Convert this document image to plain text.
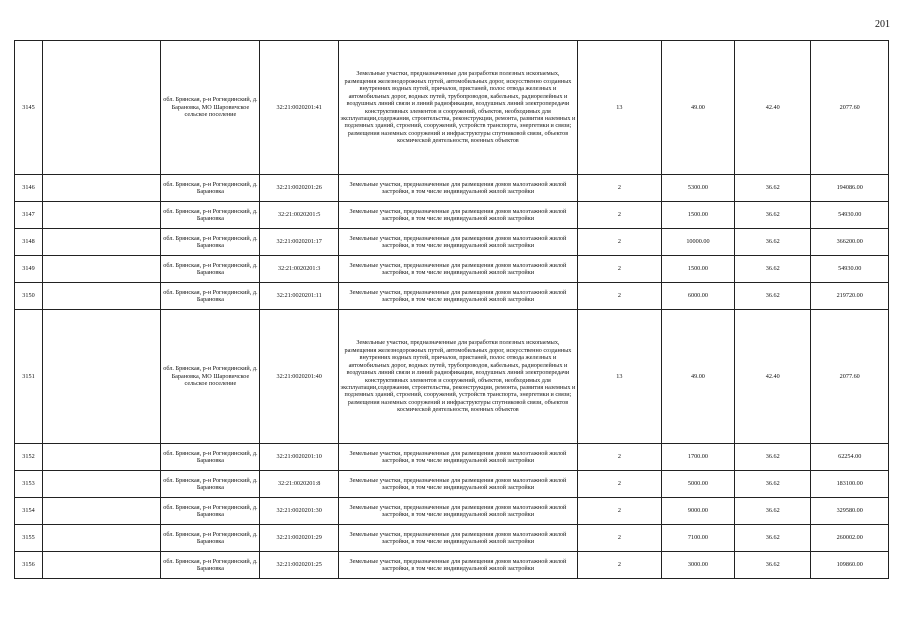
201
3145		обл. Брянская, р-н Рогнединский, д. Барановка, МО Шаровичское сельское поселение	32:21:0020201:41	Земельные участки, предназначенные для разработки полезных ископаемых, размещения железнодорожных путей, автомобильных дорог, искусственно созданных внутренних водных путей, причалов, пристаней, полос отвода железных и автомобильных дорог, водных путей, трубопроводов, кабельных, радиорелейных и воздушных линий связи и линий радиофикации, воздушных линий электропередачи конструктивных элементов и сооружений, объектов, необходимых для эксплуатации,содержания, строительства, реконструкции, ремонта, развития наземных и подземных зданий, строений, сооружений, устройств транспорта, энергетики и связи; размещения наземных сооружений и инфраструктуры спутниковой связи, объектов космической деятельности, военных объектов	13	49.00	42.40	2077.60
3146		обл. Брянская, р-н Рогнединский, д. Барановка	32:21:0020201:26	Земельные участки, предназначенные для размещения домов малоэтажной жилой застройки, в том числе индивидуальной жилой застройки	2	5300.00	36.62	194086.00
3147		обл. Брянская, р-н Рогнединский, д. Барановка	32:21:0020201:5	Земельные участки, предназначенные для размещения домов малоэтажной жилой застройки, в том числе индивидуальной жилой застройки	2	1500.00	36.62	54930.00
3148		обл. Брянская, р-н Рогнединский, д. Барановка	32:21:0020201:17	Земельные участки, предназначенные для размещения домов малоэтажной жилой застройки, в том числе индивидуальной жилой застройки	2	10000.00	36.62	366200.00
3149		обл. Брянская, р-н Рогнединский, д. Барановка	32:21:0020201:3	Земельные участки, предназначенные для размещения домов малоэтажной жилой застройки, в том числе индивидуальной жилой застройки	2	1500.00	36.62	54930.00
3150		обл. Брянская, р-н Рогнединский, д. Барановка	32:21:0020201:11	Земельные участки, предназначенные для размещения домов малоэтажной жилой застройки, в том числе индивидуальной жилой застройки	2	6000.00	36.62	219720.00
3151		обл. Брянская, р-н Рогнединский, д. Барановка, МО Шаровичское сельское поселение	32:21:0020201:40	Земельные участки, предназначенные для разработки полезных ископаемых, размещения железнодорожных путей, автомобильных дорог, искусственно созданных внутренних водных путей, причалов, пристаней, полос отвода железных и автомобильных дорог, водных путей, трубопроводов, кабельных, радиорелейных и воздушных линий связи и линий радиофикации, воздушных линий электропередачи конструктивных элементов и сооружений, объектов, необходимых для эксплуатации,содержания, строительства, реконструкции, ремонта, развития наземных и подземных зданий, строений, сооружений, устройств транспорта, энергетики и связи; размещения наземных сооружений и инфраструктуры спутниковой связи, объектов космической деятельности, военных объектов	13	49.00	42.40	2077.60
3152		обл. Брянская, р-н Рогнединский, д. Барановка	32:21:0020201:10	Земельные участки, предназначенные для размещения домов малоэтажной жилой застройки, в том числе индивидуальной жилой застройки	2	1700.00	36.62	62254.00
3153		обл. Брянская, р-н Рогнединский, д. Барановка	32:21:0020201:8	Земельные участки, предназначенные для размещения домов малоэтажной жилой застройки, в том числе индивидуальной жилой застройки	2	5000.00	36.62	183100.00
3154		обл. Брянская, р-н Рогнединский, д. Барановка	32:21:0020201:30	Земельные участки, предназначенные для размещения домов малоэтажной жилой застройки, в том числе индивидуальной жилой застройки	2	9000.00	36.62	329580.00
3155		обл. Брянская, р-н Рогнединский, д. Барановка	32:21:0020201:29	Земельные участки, предназначенные для размещения домов малоэтажной жилой застройки, в том числе индивидуальной жилой застройки	2	7100.00	36.62	260002.00
3156		обл. Брянская, р-н Рогнединский, д. Барановка	32:21:0020201:25	Земельные участки, предназначенные для размещения домов малоэтажной жилой застройки, в том числе индивидуальной жилой застройки	2	3000.00	36.62	109860.00
